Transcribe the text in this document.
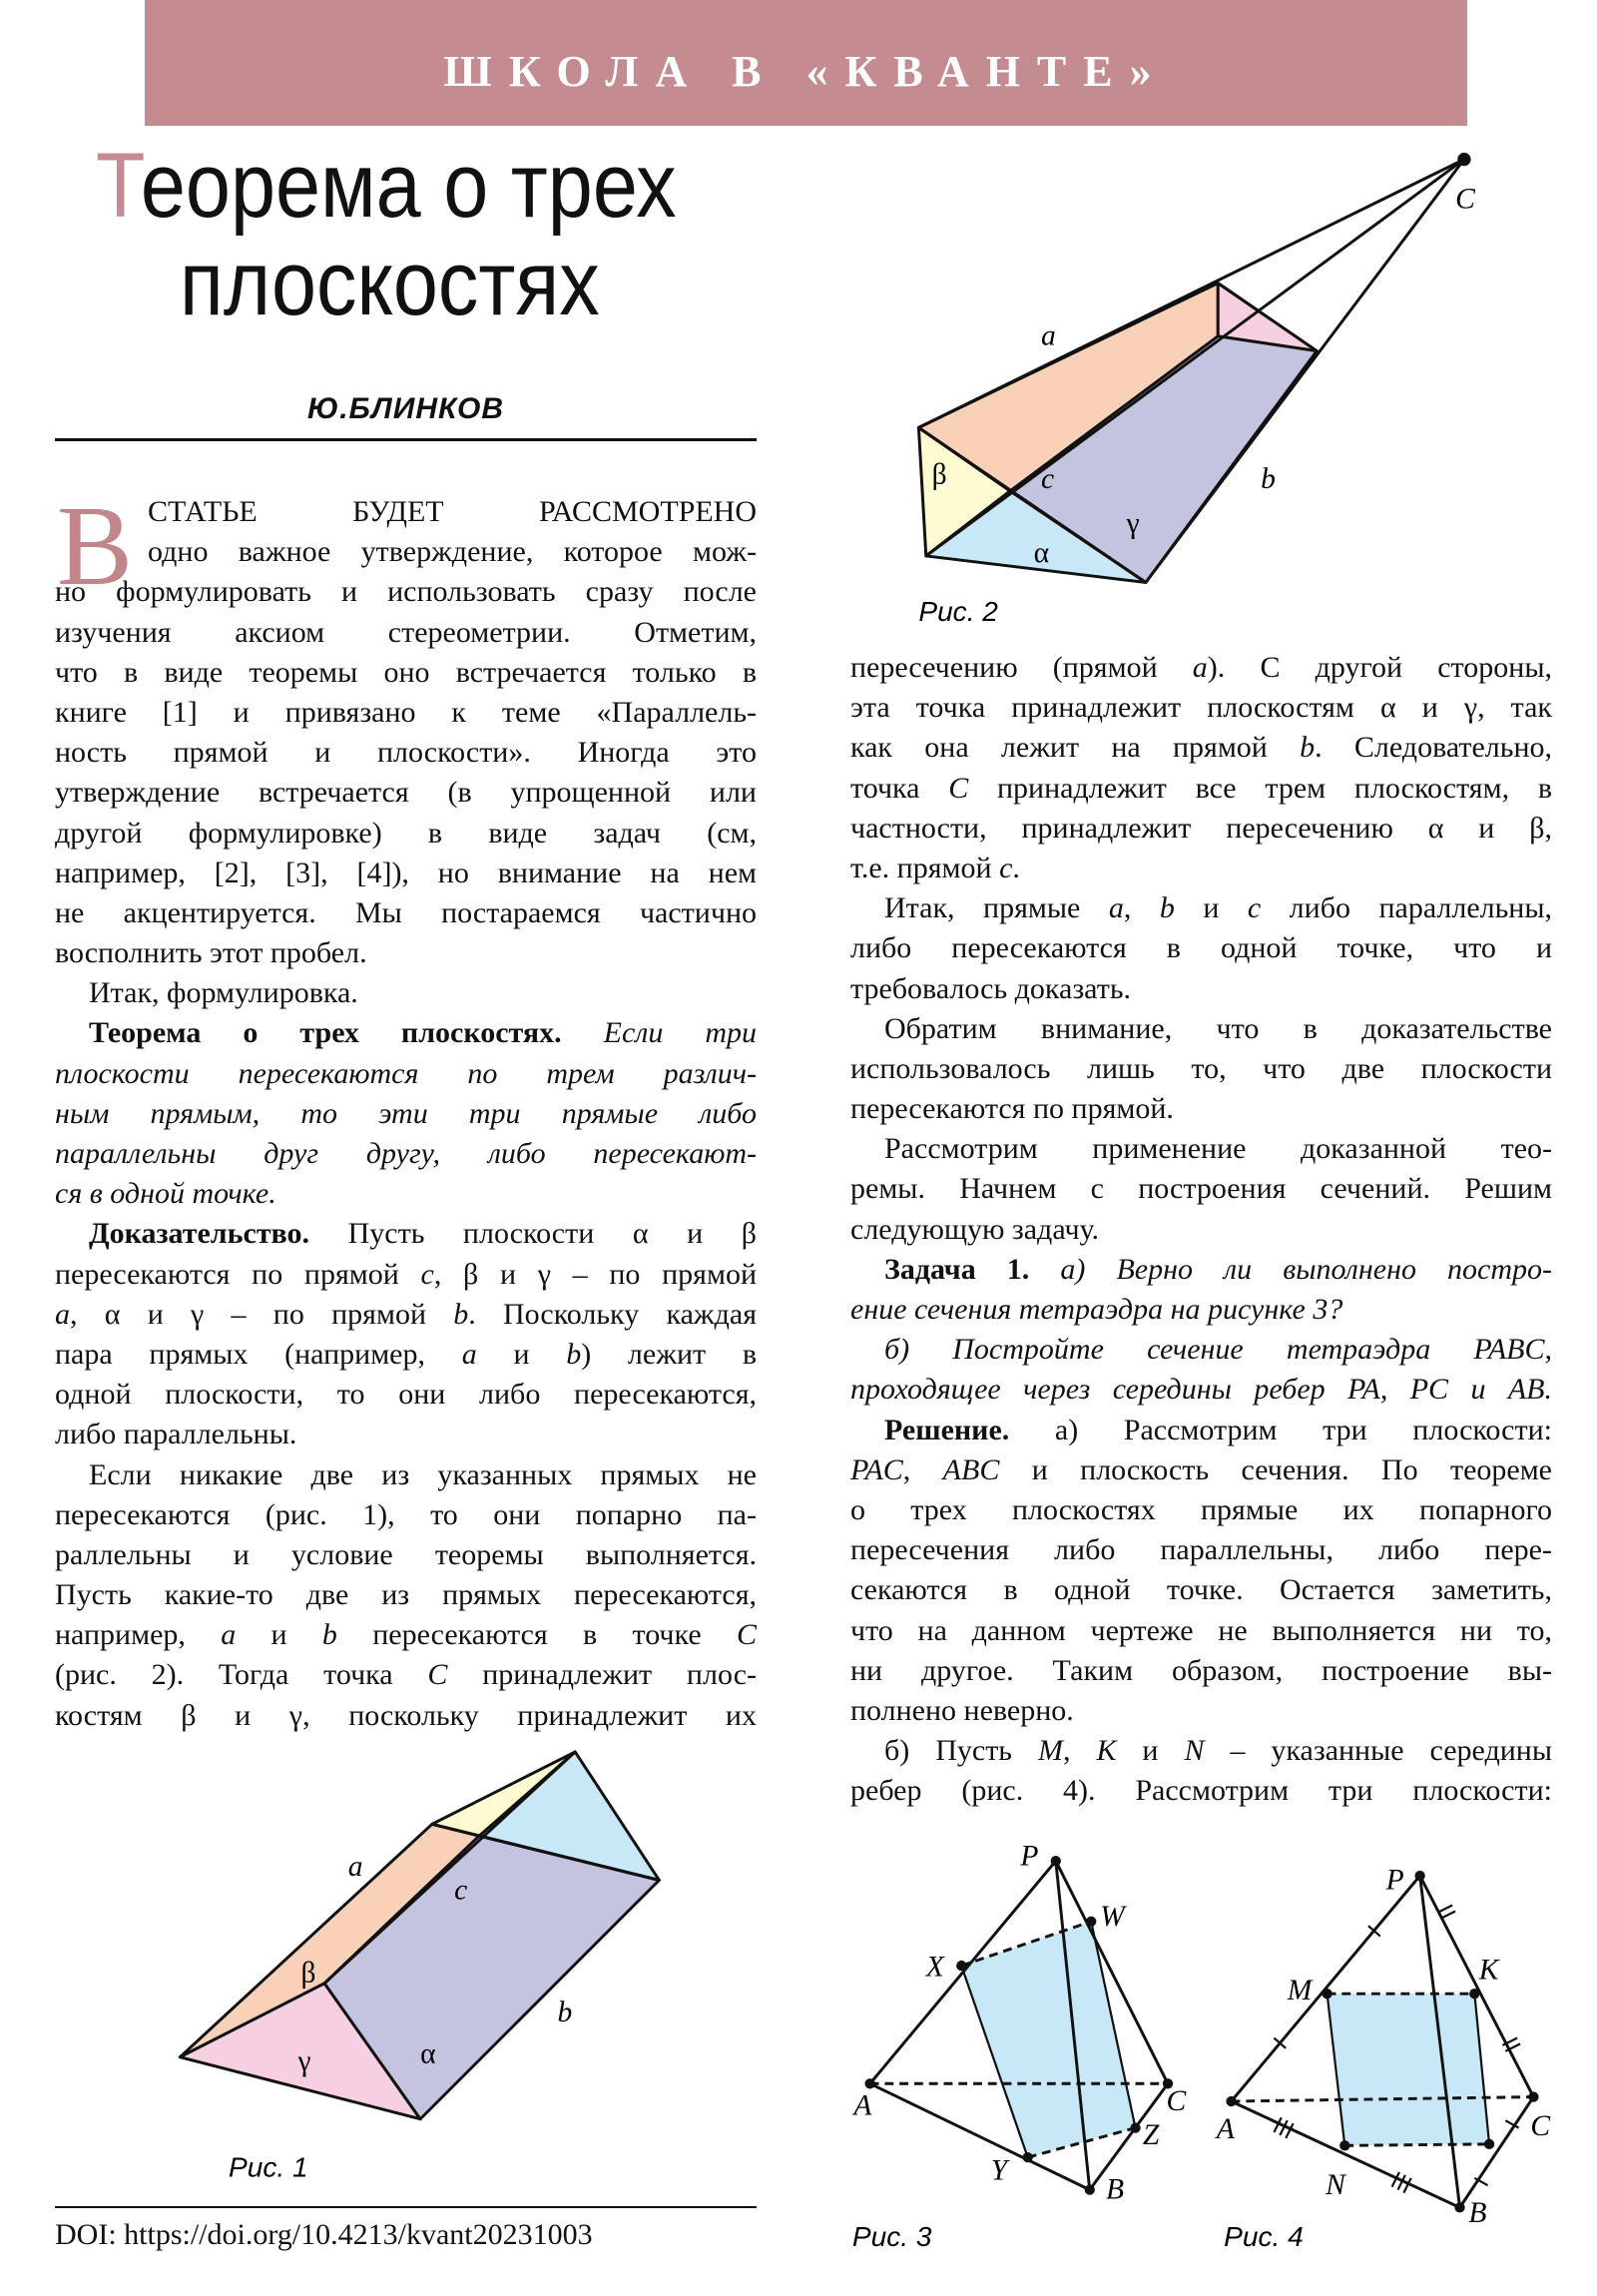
ШКОЛА В «КВАНТЕ»
Теорема о трех
плоскостях
Ю.БЛИНКОВ
В СТАТЬЕ БУДЕТ РАССМОТРЕНО
одно важное утверждение, которое мож-
но формулировать и использовать сразу после
изучения аксиом стереометрии. Отметим,
что в виде теоремы оно встречается только в
книге [1] и привязано к теме «Параллель-
ность прямой и плоскости». Иногда это
утверждение встречается (в упрощенной или
другой формулировке) в виде задач (см,
например, [2], [3], [4]), но внимание на нем
не акцентируется. Мы постараемся частично
восполнить этот пробел.
Итак, формулировка.
Теорема о трех плоскостях. Если три
плоскости пересекаются по трем различ-
ным прямым, то эти три прямые либо
параллельны друг другу, либо пересекают-
ся в одной точке.
Доказательство. Пусть плоскости α и β
пересекаются по прямой c, β и γ – по прямой
a, α и γ – по прямой b. Поскольку каждая
пара прямых (например, a и b) лежит в
одной плоскости, то они либо пересекаются,
либо параллельны.
Если никакие две из указанных прямых не
пересекаются (рис. 1), то они попарно па-
раллельны и условие теоремы выполняется.
Пусть какие-то две из прямых пересекаются,
например, a и b пересекаются в точке C
(рис. 2). Тогда точка C принадлежит плос-
костям β и γ, поскольку принадлежит их
пересечению (прямой a). С другой стороны,
эта точка принадлежит плоскостям α и γ, так
как она лежит на прямой b. Следовательно,
точка C принадлежит все трем плоскостям, в
частности, принадлежит пересечению α и β,
т.е. прямой c.
Итак, прямые a, b и c либо параллельны,
либо пересекаются в одной точке, что и
требовалось доказать.
Обратим внимание, что в доказательстве
использовалось лишь то, что две плоскости
пересекаются по прямой.
Рассмотрим применение доказанной тео-
ремы. Начнем с построения сечений. Решим
следующую задачу.
Задача 1. а) Верно ли выполнено постро-
ение сечения тетраэдра на рисунке 3?
б) Постройте сечение тетраэдра PABC,
проходящее через середины ребер PA, PC и AB.
Решение. а) Рассмотрим три плоскости:
PAC, ABC и плоскость сечения. По теореме
о трех плоскостях прямые их попарного
пересечения либо параллельны, либо пере-
секаются в одной точке. Остается заметить,
что на данном чертеже не выполняется ни то,
ни другое. Таким образом, построение вы-
полнено неверно.
б) Пусть M, K и N – указанные середины
ребер (рис. 4). Рассмотрим три плоскости:
DOI: https://doi.org/10.4213/kvant20231003
a
c
b
β
γ	α
Рис. 1
a
c	b
C
β
γ
α
Рис. 2
P
W
X
A	C
Z
Y
B
Рис. 3
P
K
M
A	C
N
B
Рис. 4
